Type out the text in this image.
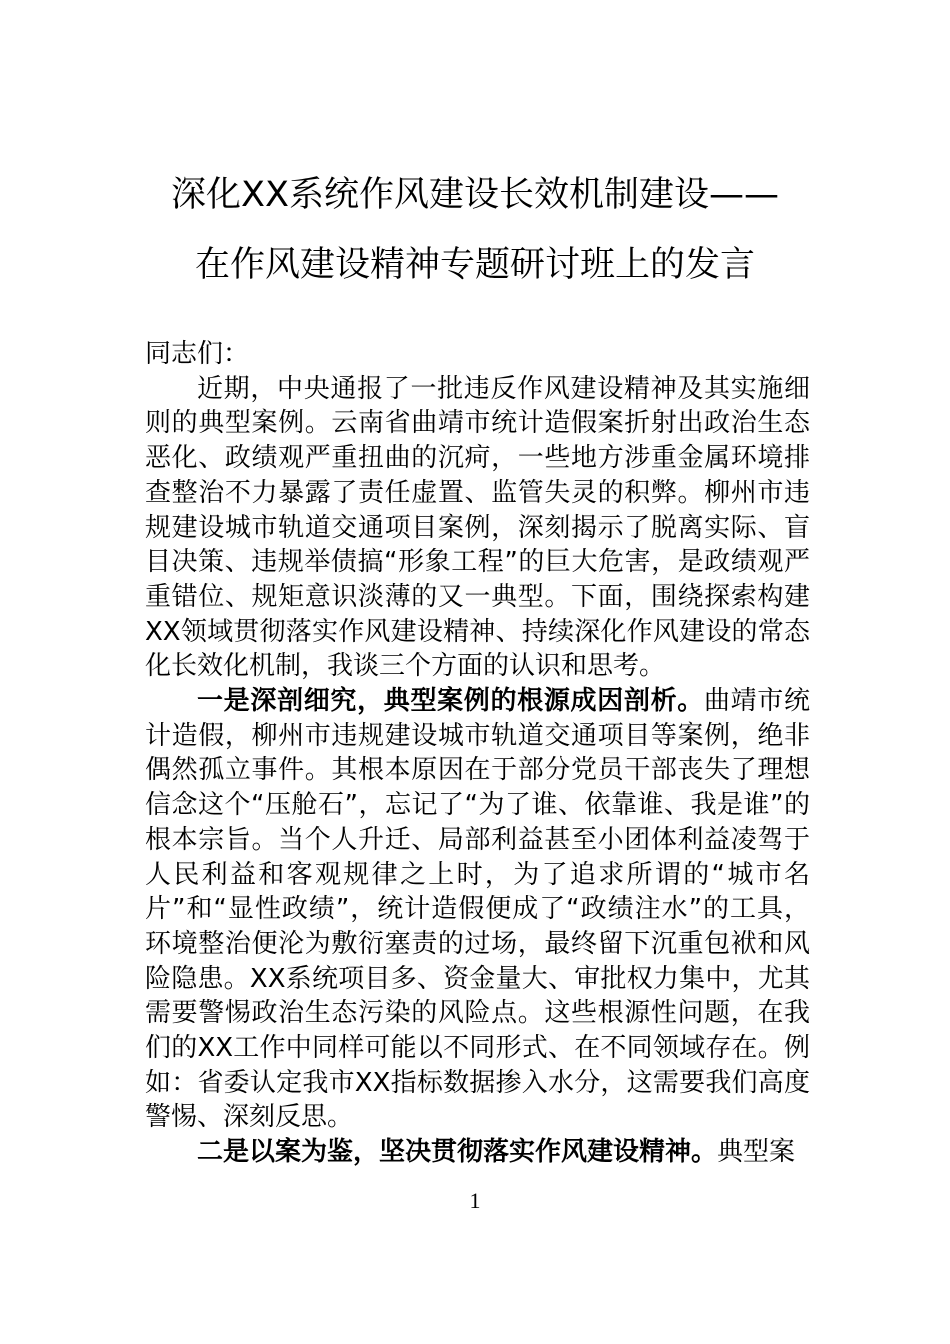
深化XX系统作风建设长效机制建设——
在作风建设精神专题研讨班上的发言

同志们：

近期，中央通报了一批违反作风建设精神及其实施细则的典型案例。云南省曲靖市统计造假案折射出政治生态恶化、政绩观严重扭曲的沉疴，一些地方涉重金属环境排查整治不力暴露了责任虚置、监管失灵的积弊。柳州市违规建设城市轨道交通项目案例，深刻揭示了脱离实际、盲目决策、违规举债搞“形象工程”的巨大危害，是政绩观严重错位、规矩意识淡薄的又一典型。下面，围绕探索构建XX领域贯彻落实作风建设精神、持续深化作风建设的常态化长效化机制，我谈三个方面的认识和思考。

一是深剖细究，典型案例的根源成因剖析。曲靖市统计造假，柳州市违规建设城市轨道交通项目等案例，绝非偶然孤立事件。其根本原因在于部分党员干部丧失了理想信念这个“压舱石”，忘记了“为了谁、依靠谁、我是谁”的根本宗旨。当个人升迁、局部利益甚至小团体利益凌驾于人民利益和客观规律之上时，为了追求所谓的“城市名片”和“显性政绩”，统计造假便成了“政绩注水”的工具，环境整治便沦为敷衍塞责的过场，最终留下沉重包袱和风险隐患。XX系统项目多、资金量大、审批权力集中，尤其需要警惕政治生态污染的风险点。这些根源性问题，在我们的XX工作中同样可能以不同形式、在不同领域存在。例如：省委认定我市XX指标数据掺入水分，这需要我们高度警惕、深刻反思。

二是以案为鉴，坚决贯彻落实作风建设精神。典型案

1
